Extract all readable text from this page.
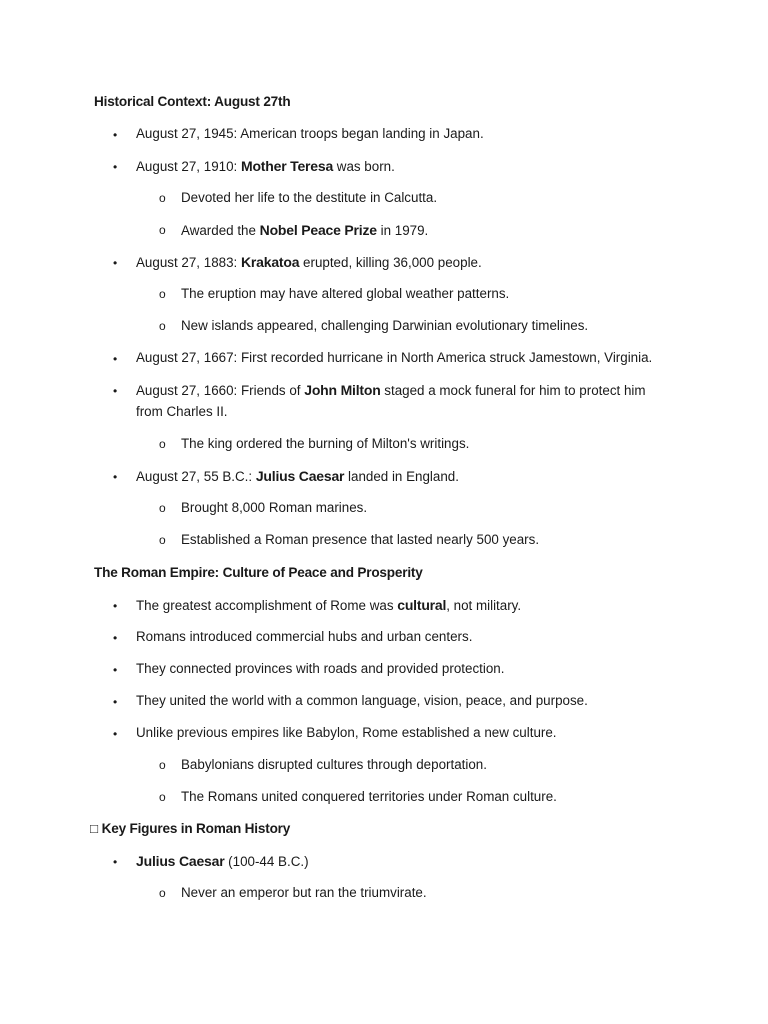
Historical Context: August 27th
• August 27, 1945: American troops began landing in Japan.
• August 27, 1910: Mother Teresa was born.
o Devoted her life to the destitute in Calcutta.
o Awarded the Nobel Peace Prize in 1979.
• August 27, 1883: Krakatoa erupted, killing 36,000 people.
o The eruption may have altered global weather patterns.
o New islands appeared, challenging Darwinian evolutionary timelines.
• August 27, 1667: First recorded hurricane in North America struck Jamestown, Virginia.
• August 27, 1660: Friends of John Milton staged a mock funeral for him to protect him
from Charles II.
o The king ordered the burning of Milton's writings.
• August 27, 55 B.C.: Julius Caesar landed in England.
o Brought 8,000 Roman marines.
o Established a Roman presence that lasted nearly 500 years.
The Roman Empire: Culture of Peace and Prosperity
• The greatest accomplishment of Rome was cultural, not military.
• Romans introduced commercial hubs and urban centers.
• They connected provinces with roads and provided protection.
• They united the world with a common language, vision, peace, and purpose.
• Unlike previous empires like Babylon, Rome established a new culture.
o Babylonians disrupted cultures through deportation.
o The Romans united conquered territories under Roman culture.
□ Key Figures in Roman History
• Julius Caesar (100-44 B.C.)
o Never an emperor but ran the triumvirate.
